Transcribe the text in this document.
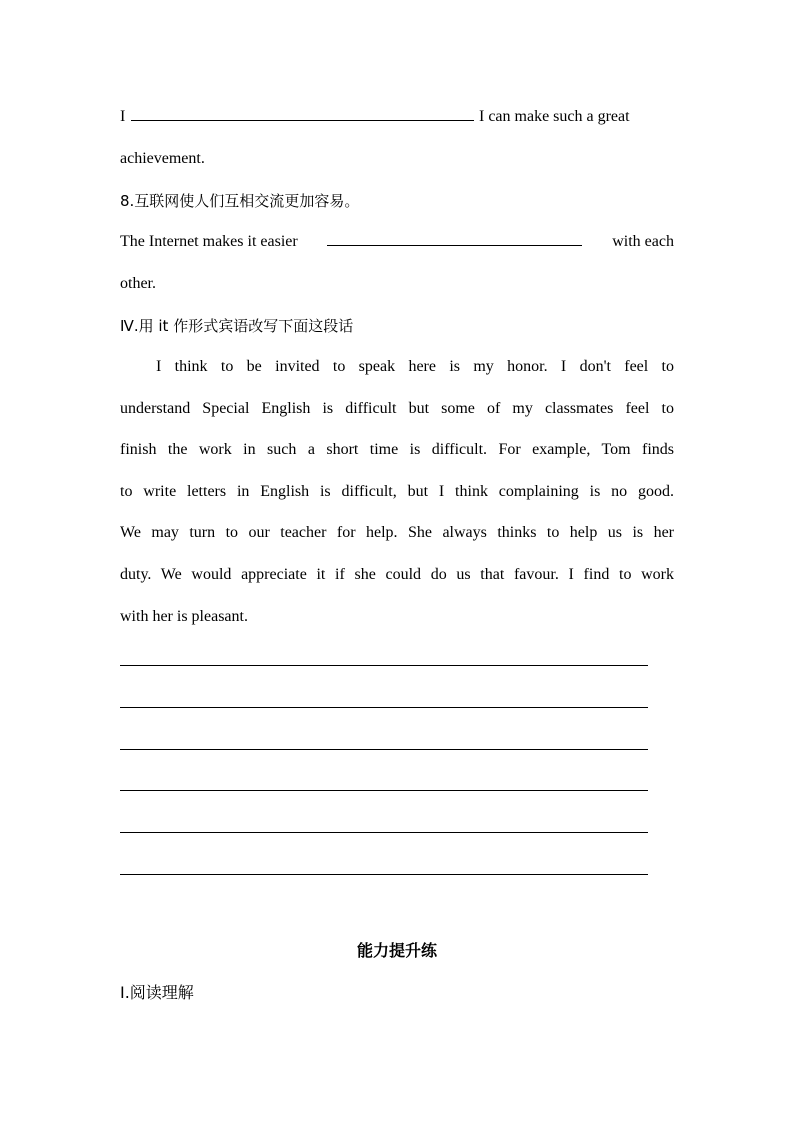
I	I can make such a great
achievement.
8.互联网使人们互相交流更加容易。
The Internet makes it easier	with each
other.
Ⅳ.用 it 作形式宾语改写下面这段话
I think to be invited to speak here is my honor. I don't feel to
understand Special English is difficult but some of my classmates feel to
finish the work in such a short time is difficult. For example, Tom finds
to write letters in English is difficult, but I think complaining is no good.
We may turn to our teacher for help. She always thinks to help us is her
duty. We would appreciate it if she could do us that favour. I find to work
with her is pleasant.
能力提升练
Ⅰ.阅读理解
